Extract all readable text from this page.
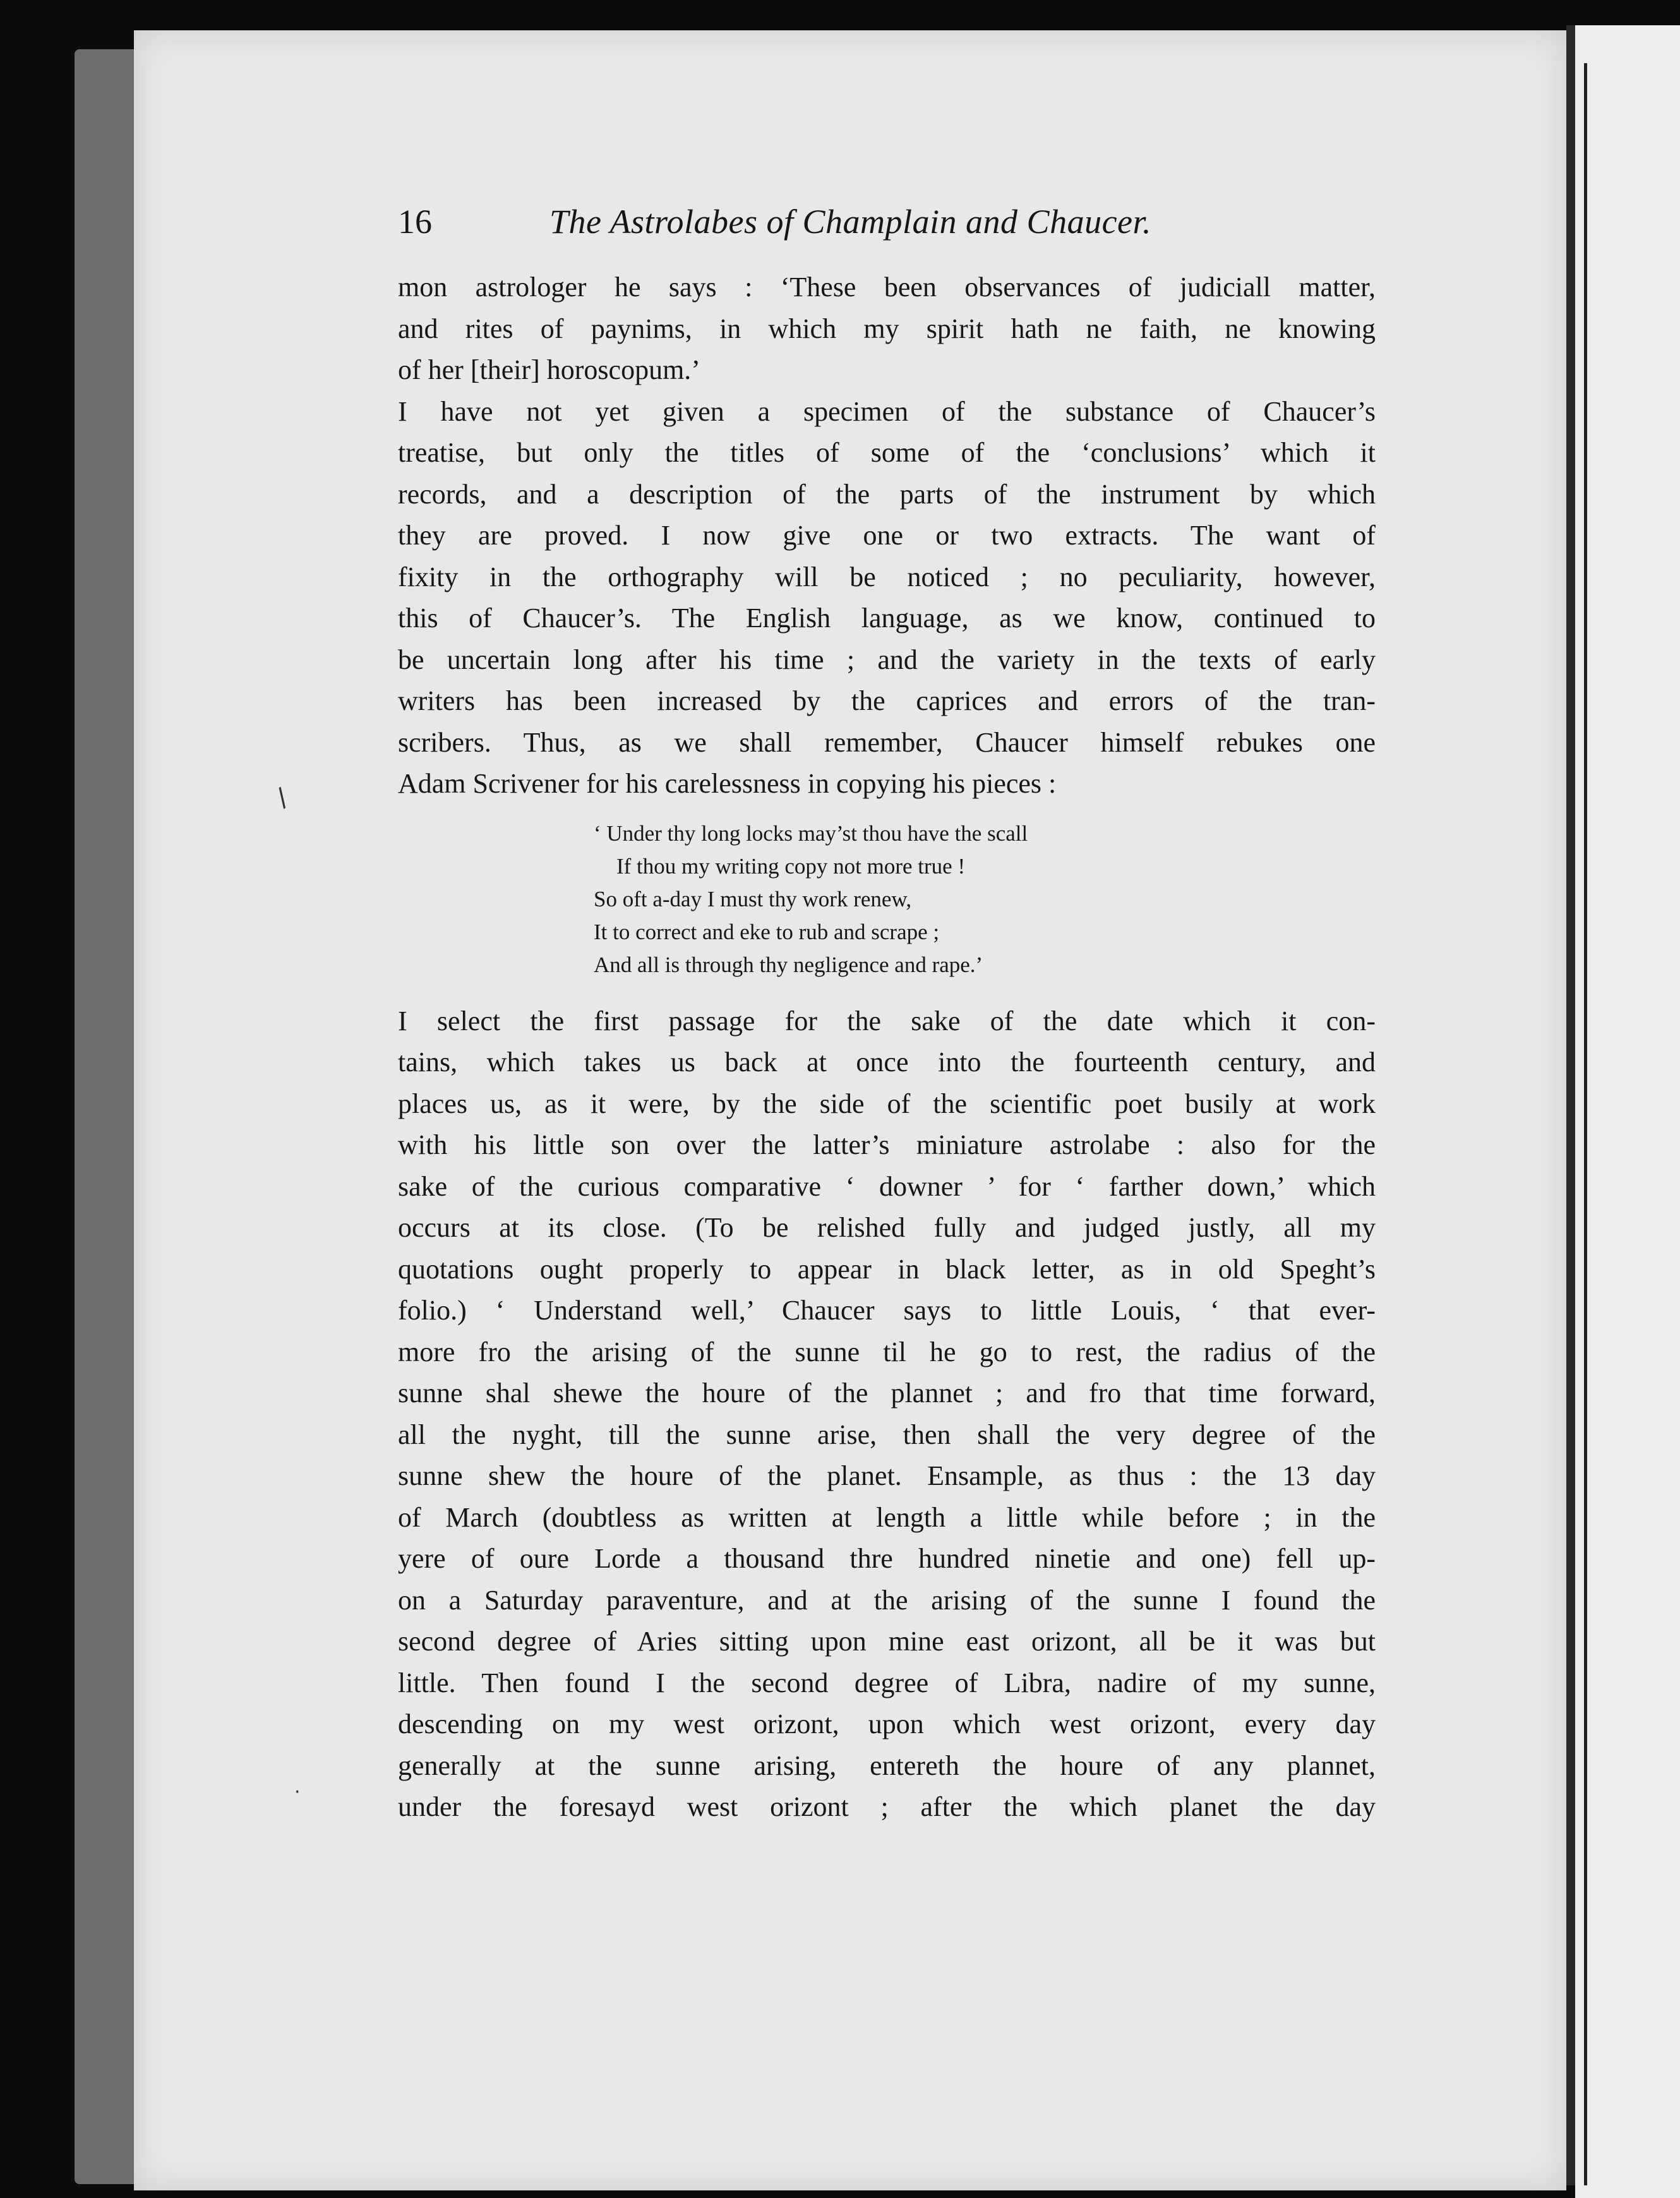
/
·
16	The Astrolabes of Champlain and Chaucer.
mon astrologer he says : ‘These been observances of judiciall matter,
and rites of paynims, in which my spirit hath ne faith, ne knowing
of her [their] horoscopum.’
I have not yet given a specimen of the substance of Chaucer’s
treatise, but only the titles of some of the ‘conclusions’ which it
records, and a description of the parts of the instrument by which
they are proved. I now give one or two extracts. The want of
fixity in the orthography will be noticed ; no peculiarity, however,
this of Chaucer’s. The English language, as we know, continued to
be uncertain long after his time ; and the variety in the texts of early
writers has been increased by the caprices and errors of the tran-
scribers. Thus, as we shall remember, Chaucer himself rebukes one
Adam Scrivener for his carelessness in copying his pieces :
‘ Under thy long locks may’st thou have the scall
If thou my writing copy not more true !
So oft a-day I must thy work renew,
It to correct and eke to rub and scrape ;
And all is through thy negligence and rape.’
I select the first passage for the sake of the date which it con-
tains, which takes us back at once into the fourteenth century, and
places us, as it were, by the side of the scientific poet busily at work
with his little son over the latter’s miniature astrolabe : also for the
sake of the curious comparative ‘ downer ’ for ‘ farther down,’ which
occurs at its close. (To be relished fully and judged justly, all my
quotations ought properly to appear in black letter, as in old Speght’s
folio.) ‘ Understand well,’ Chaucer says to little Louis, ‘ that ever-
more fro the arising of the sunne til he go to rest, the radius of the
sunne shal shewe the houre of the plannet ; and fro that time forward,
all the nyght, till the sunne arise, then shall the very degree of the
sunne shew the houre of the planet. Ensample, as thus : the 13 day
of March (doubtless as written at length a little while before ; in the
yere of oure Lorde a thousand thre hundred ninetie and one) fell up-
on a Saturday paraventure, and at the arising of the sunne I found the
second degree of Aries sitting upon mine east orizont, all be it was but
little. Then found I the second degree of Libra, nadire of my sunne,
descending on my west orizont, upon which west orizont, every day
generally at the sunne arising, entereth the houre of any plannet,
under the foresayd west orizont ; after the which planet the day
